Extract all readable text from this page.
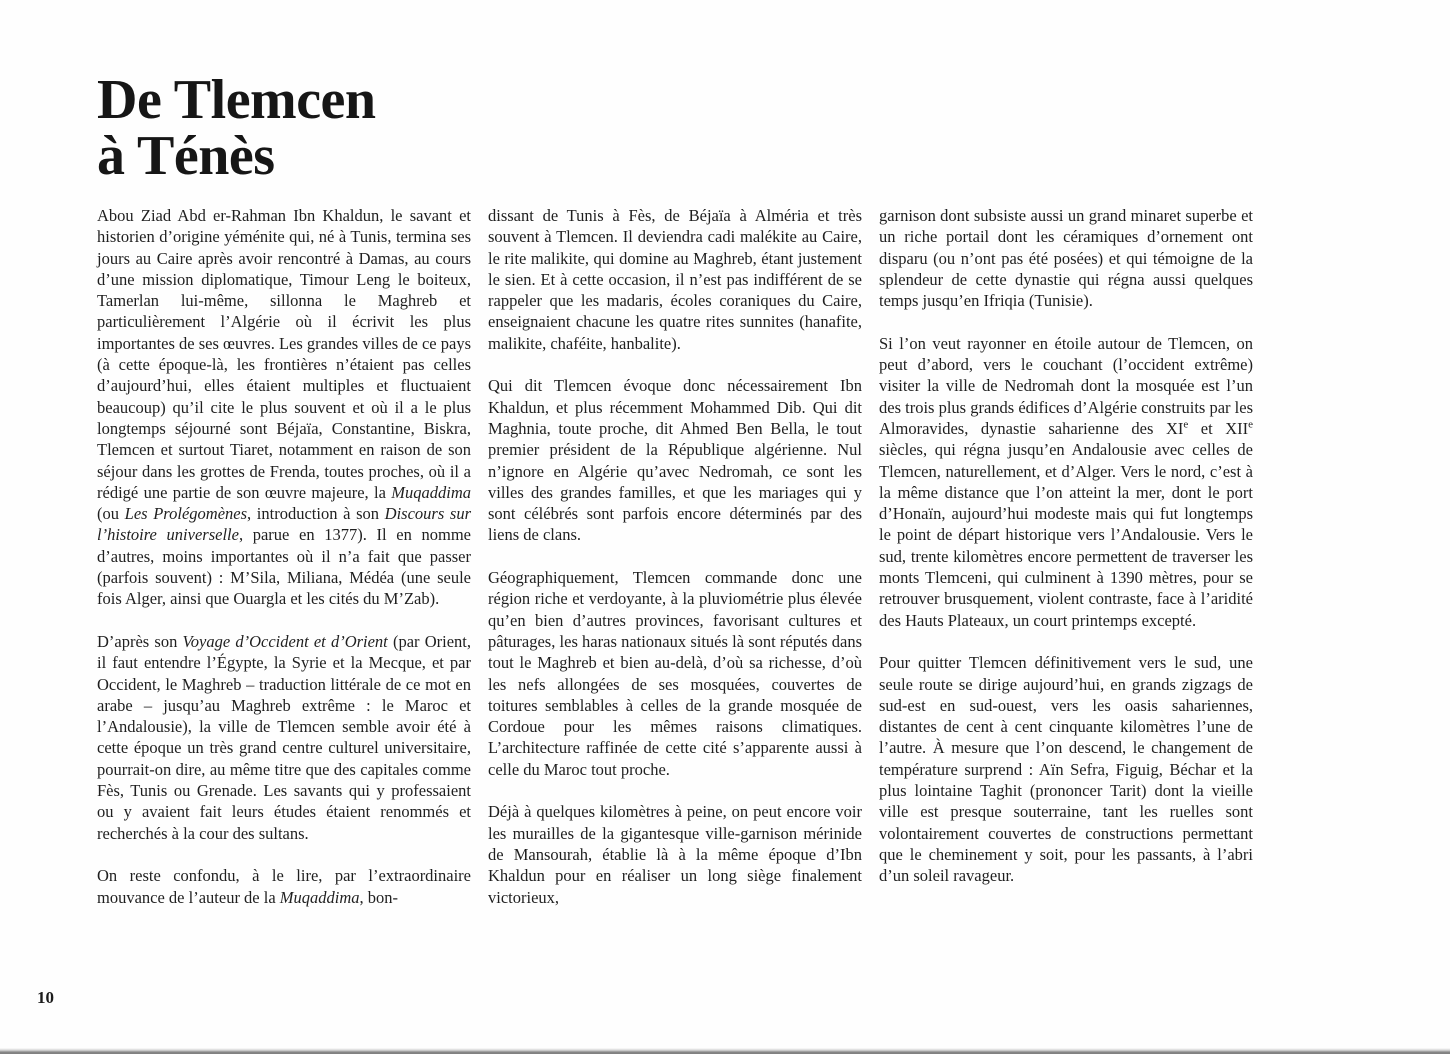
De Tlemcen
à Ténès

Abou Ziad Abd er-Rahman Ibn Khaldun, le savant et historien d’origine yéménite qui, né à Tunis, termina ses jours au Caire après avoir rencontré à Damas, au cours d’une mission diplomatique, Timour Leng le boiteux, Tamerlan lui-même, sillonna le Maghreb et particulièrement l’Algérie où il écrivit les plus importantes de ses œuvres. Les grandes villes de ce pays (à cette époque-là, les frontières n’étaient pas celles d’aujourd’hui, elles étaient multiples et fluctuaient beaucoup) qu’il cite le plus souvent et où il a le plus longtemps séjourné sont Béjaïa, Constantine, Biskra, Tlemcen et surtout Tiaret, notamment en raison de son séjour dans les grottes de Frenda, toutes proches, où il a rédigé une partie de son œuvre majeure, la Muqaddima (ou Les Prolégomènes, introduction à son Discours sur l’histoire universelle, parue en 1377). Il en nomme d’autres, moins importantes où il n’a fait que passer (parfois souvent) : M’Sila, Miliana, Médéa (une seule fois Alger, ainsi que Ouargla et les cités du M’Zab).

D’après son Voyage d’Occident et d’Orient (par Orient, il faut entendre l’Égypte, la Syrie et la Mecque, et par Occident, le Maghreb – traduction littérale de ce mot en arabe – jusqu’au Maghreb extrême : le Maroc et l’Andalousie), la ville de Tlemcen semble avoir été à cette époque un très grand centre culturel universitaire, pourrait-on dire, au même titre que des capitales comme Fès, Tunis ou Grenade. Les savants qui y professaient ou y avaient fait leurs études étaient renommés et recherchés à la cour des sultans.

On reste confondu, à le lire, par l’extraordinaire mouvance de l’auteur de la Muqaddima, bon-

dissant de Tunis à Fès, de Béjaïa à Alméria et très souvent à Tlemcen. Il deviendra cadi malékite au Caire, le rite malikite, qui domine au Maghreb, étant justement le sien. Et à cette occasion, il n’est pas indifférent de se rappeler que les madaris, écoles coraniques du Caire, enseignaient chacune les quatre rites sunnites (hanafite, malikite, chaféite, hanbalite).

Qui dit Tlemcen évoque donc nécessairement Ibn Khaldun, et plus récemment Mohammed Dib. Qui dit Maghnia, toute proche, dit Ahmed Ben Bella, le tout premier président de la République algérienne. Nul n’ignore en Algérie qu’avec Nedromah, ce sont les villes des grandes familles, et que les mariages qui y sont célébrés sont parfois encore déterminés par des liens de clans.

Géographiquement, Tlemcen commande donc une région riche et verdoyante, à la pluviométrie plus élevée qu’en bien d’autres provinces, favorisant cultures et pâturages, les haras nationaux situés là sont réputés dans tout le Maghreb et bien au-delà, d’où sa richesse, d’où les nefs allongées de ses mosquées, couvertes de toitures semblables à celles de la grande mosquée de Cordoue pour les mêmes raisons climatiques. L’architecture raffinée de cette cité s’apparente aussi à celle du Maroc tout proche.

Déjà à quelques kilomètres à peine, on peut encore voir les murailles de la gigantesque ville-garnison mérinide de Mansourah, établie là à la même époque d’Ibn Khaldun pour en réaliser un long siège finalement victorieux,

garnison dont subsiste aussi un grand minaret superbe et un riche portail dont les céramiques d’ornement ont disparu (ou n’ont pas été posées) et qui témoigne de la splendeur de cette dynastie qui régna aussi quelques temps jusqu’en Ifriqia (Tunisie).

Si l’on veut rayonner en étoile autour de Tlemcen, on peut d’abord, vers le couchant (l’occident extrême) visiter la ville de Nedromah dont la mosquée est l’un des trois plus grands édifices d’Algérie construits par les Almoravides, dynastie saharienne des XIe et XIIe siècles, qui régna jusqu’en Andalousie avec celles de Tlemcen, naturellement, et d’Alger. Vers le nord, c’est à la même distance que l’on atteint la mer, dont le port d’Honaïn, aujourd’hui modeste mais qui fut longtemps le point de départ historique vers l’Andalousie. Vers le sud, trente kilomètres encore permettent de traverser les monts Tlemceni, qui culminent à 1390 mètres, pour se retrouver brusquement, violent contraste, face à l’aridité des Hauts Plateaux, un court printemps excepté.

Pour quitter Tlemcen définitivement vers le sud, une seule route se dirige aujourd’hui, en grands zigzags de sud-est en sud-ouest, vers les oasis sahariennes, distantes de cent à cent cinquante kilomètres l’une de l’autre. À mesure que l’on descend, le changement de température surprend : Aïn Sefra, Figuig, Béchar et la plus lointaine Taghit (prononcer Tarit) dont la vieille ville est presque souterraine, tant les ruelles sont volontairement couvertes de constructions permettant que le cheminement y soit, pour les passants, à l’abri d’un soleil ravageur.

10
